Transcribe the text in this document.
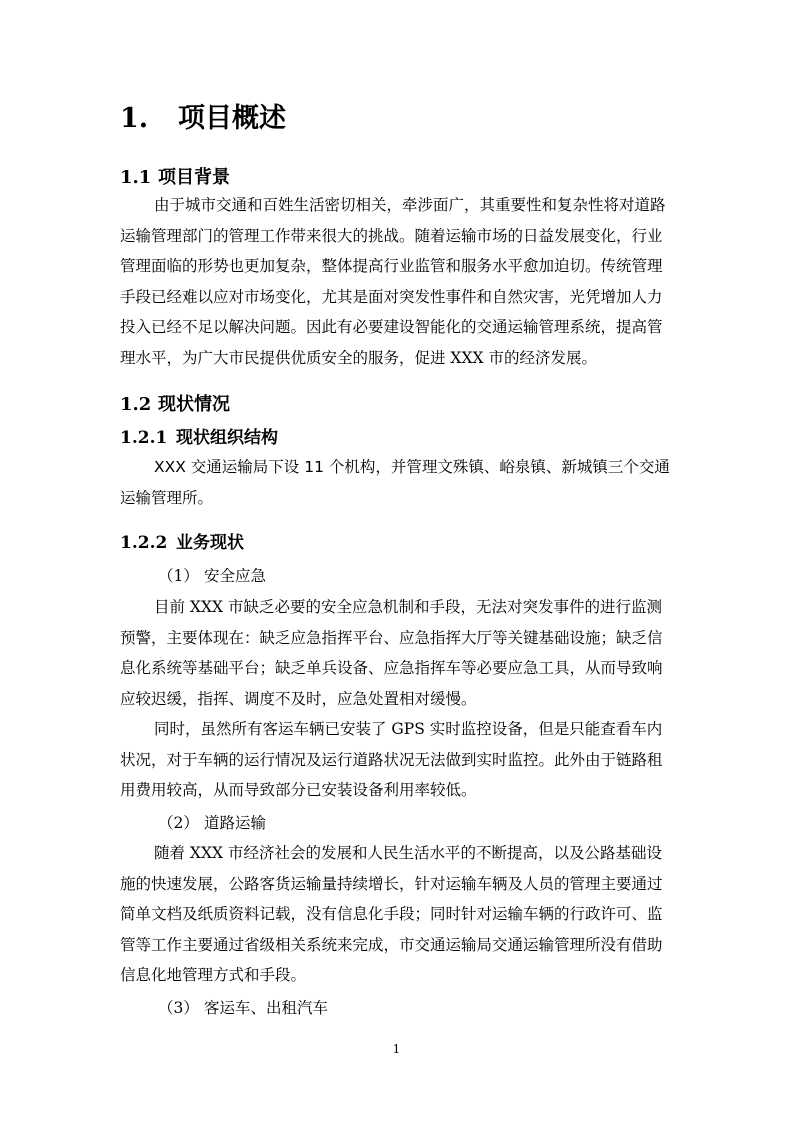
1. 项目概述
1.1 项目背景
由于城市交通和百姓生活密切相关，牵涉面广，其重要性和复杂性将对道路
运输管理部门的管理工作带来很大的挑战。随着运输市场的日益发展变化，行业
管理面临的形势也更加复杂，整体提高行业监管和服务水平愈加迫切。传统管理
手段已经难以应对市场变化，尤其是面对突发性事件和自然灾害，光凭增加人力
投入已经不足以解决问题。因此有必要建设智能化的交通运输管理系统，提高管
理水平，为广大市民提供优质安全的服务，促进 XXX 市的经济发展。
1.2 现状情况
1.2.1 现状组织结构
XXX 交通运输局下设 11 个机构，并管理文殊镇、峪泉镇、新城镇三个交通
运输管理所。
1.2.2 业务现状
（1） 安全应急
目前 XXX 市缺乏必要的安全应急机制和手段，无法对突发事件的进行监测
预警，主要体现在：缺乏应急指挥平台、应急指挥大厅等关键基础设施；缺乏信
息化系统等基础平台；缺乏单兵设备、应急指挥车等必要应急工具，从而导致响
应较迟缓，指挥、调度不及时，应急处置相对缓慢。
同时，虽然所有客运车辆已安装了 GPS 实时监控设备，但是只能查看车内
状况，对于车辆的运行情况及运行道路状况无法做到实时监控。此外由于链路租
用费用较高，从而导致部分已安装设备利用率较低。
（2） 道路运输
随着 XXX 市经济社会的发展和人民生活水平的不断提高，以及公路基础设
施的快速发展，公路客货运输量持续增长，针对运输车辆及人员的管理主要通过
简单文档及纸质资料记载，没有信息化手段；同时针对运输车辆的行政许可、监
管等工作主要通过省级相关系统来完成，市交通运输局交通运输管理所没有借助
信息化地管理方式和手段。
（3） 客运车、出租汽车
1
